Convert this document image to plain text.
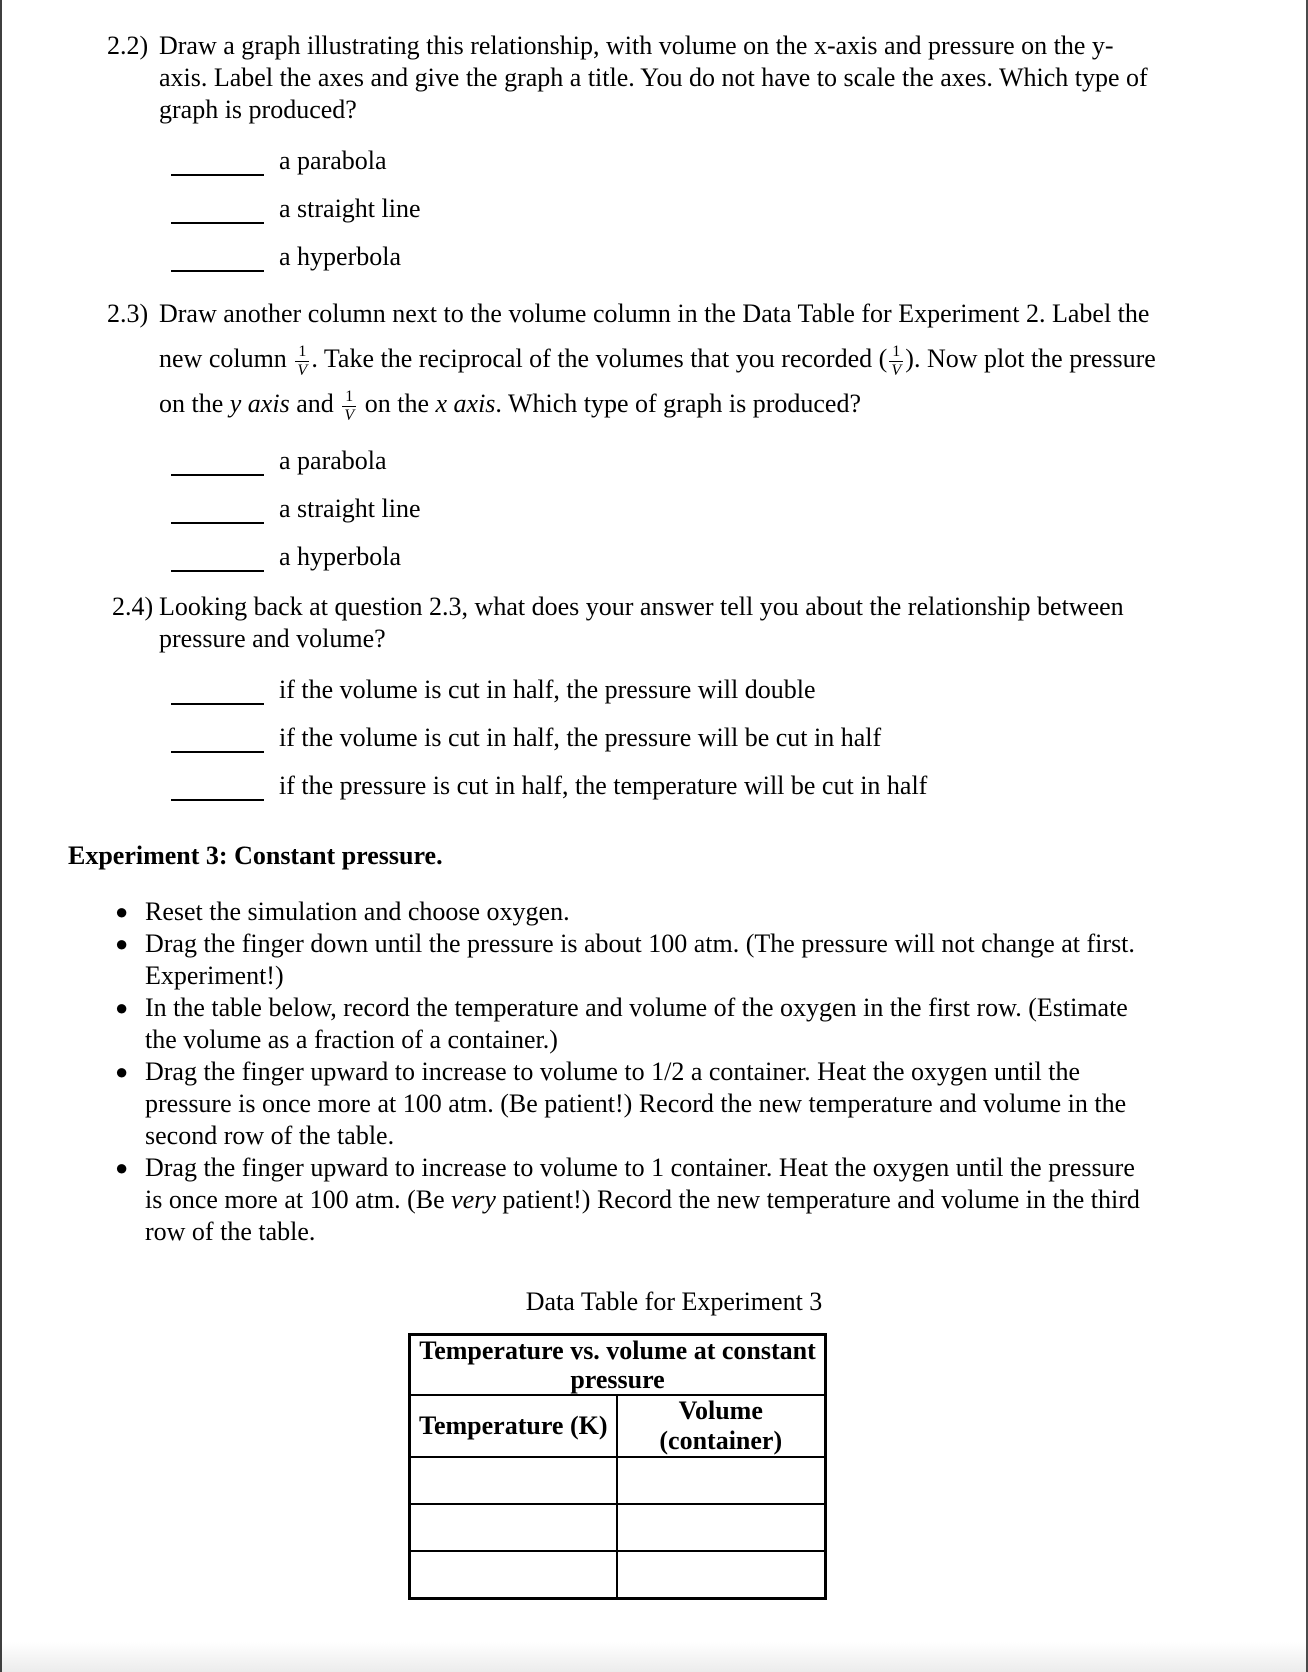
2.2) Draw a graph illustrating this relationship, with volume on the x-axis and pressure on the y-axis. Label the axes and give the graph a title. You do not have to scale the axes. Which type of graph is produced?
a parabola
a straight line
a hyperbola
2.3) Draw another column next to the volume column in the Data Table for Experiment 2. Label the new column $\frac{1}{V}$ . Take the reciprocal of the volumes that you recorded ( $\frac{1}{V}$ ). Now plot the pressure on the y axis and $\frac{1}{V}$ on the x axis. Which type of graph is produced?
a parabola
a straight line
a hyperbola
2.4) Looking back at question 2.3, what does your answer tell you about the relationship between pressure and volume?
if the volume is cut in half, the pressure will double
if the volume is cut in half, the pressure will be cut in half
if the pressure is cut in half, the temperature will be cut in half
Experiment 3: Constant pressure.
● Reset the simulation and choose oxygen.
● Drag the finger down until the pressure is about 100 atm. (The pressure will not change at first. Experiment!)
● In the table below, record the temperature and volume of the oxygen in the first row. (Estimate the volume as a fraction of a container.)
● Drag the finger upward to increase to volume to 1/2 a container. Heat the oxygen until the pressure is once more at 100 atm. (Be patient!) Record the new temperature and volume in the second row of the table.
● Drag the finger upward to increase to volume to 1 container. Heat the oxygen until the pressure is once more at 100 atm. (Be very patient!) Record the new temperature and volume in the third row of the table.
Data Table for Experiment 3
Temperature vs. volume at constant pressure	
Temperature (K)	Volume (container)
